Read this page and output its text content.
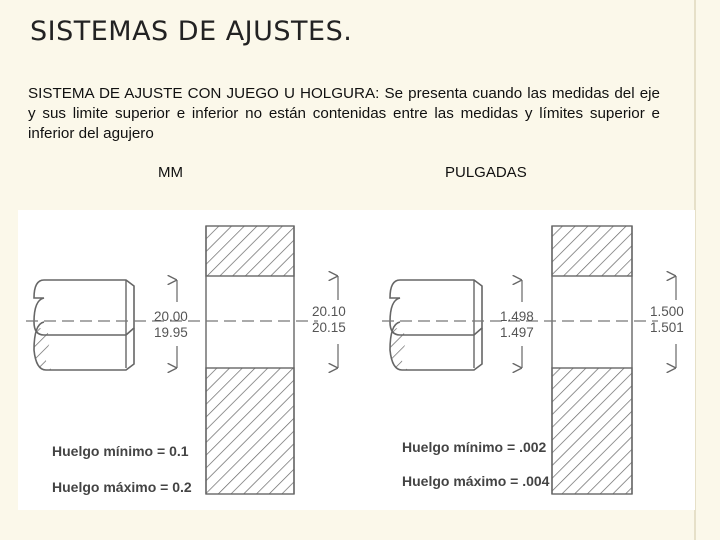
SISTEMAS DE AJUSTES.
SISTEMA DE AJUSTE CON JUEGO U HOLGURA: Se presenta cuando las medidas del eje y sus limite superior e inferior no están contenidas entre las medidas y límites superior e inferior del agujero
MM	PULGADAS
20.00
19.95
20.10
20.15
Huelgo mínimo = 0.1
Huelgo máximo = 0.2
1.498
1.497
1.500
1.501
Huelgo mínimo = .002
Huelgo máximo = .004
